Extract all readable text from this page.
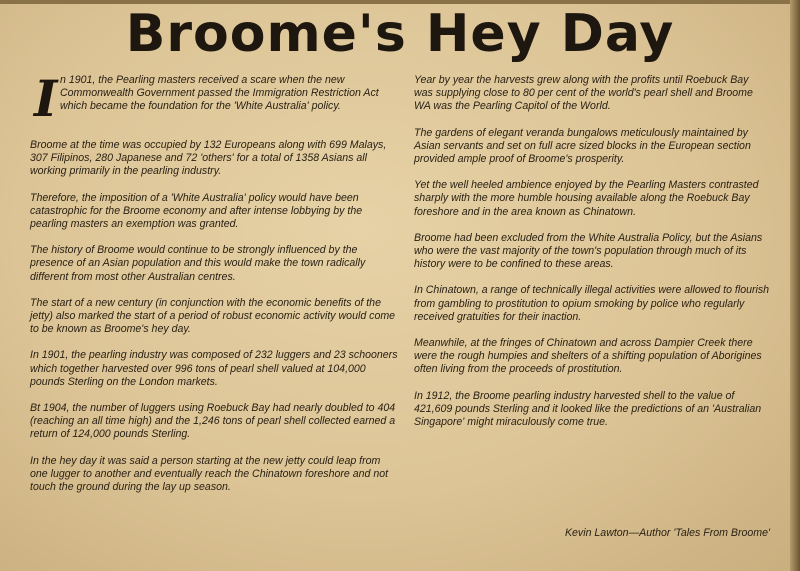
Broome's Hey Day

I n 1901, the Pearling masters received a scare when the new Commonwealth Government passed the Immigration Restriction Act which became the foundation for the 'White Australia' policy.

Broome at the time was occupied by 132 Europeans along with 699 Malays, 307 Filipinos, 280 Japanese and 72 'others' for a total of 1358 Asians all working primarily in the pearling industry.

Therefore, the imposition of a 'White Australia' policy would have been catastrophic for the Broome economy and after intense lobbying by the pearling masters an exemption was granted.

The history of Broome would continue to be strongly influenced by the presence of an Asian population and this would make the town radically different from most other Australian centres.

The start of a new century (in conjunction with the economic benefits of the jetty) also marked the start of a period of robust economic activity would come to be known as Broome's hey day.

In 1901, the pearling industry was composed of 232 luggers and 23 schooners which together harvested over 996 tons of pearl shell valued at 104,000 pounds Sterling on the London markets.

Bt 1904, the number of luggers using Roebuck Bay had nearly doubled to 404 (reaching an all time high) and the 1,246 tons of pearl shell collected earned a return of 124,000 pounds Sterling.

In the hey day it was said a person starting at the new jetty could leap from one lugger to another and eventually reach the Chinatown foreshore and not touch the ground during the lay up season.

Year by year the harvests grew along with the profits until Roebuck Bay was supplying close to 80 per cent of the world's pearl shell and Broome WA was the Pearling Capitol of the World.

The gardens of elegant veranda bungalows meticulously maintained by Asian servants and set on full acre sized blocks in the European section provided ample proof of Broome's prosperity.

Yet the well heeled ambience enjoyed by the Pearling Masters contrasted sharply with the more humble housing available along the Roebuck Bay foreshore and in the area known as Chinatown.

Broome had been excluded from the White Australia Policy, but the Asians who were the vast majority of the town's population through much of its history were to be confined to these areas.

In Chinatown, a range of technically illegal activities were allowed to flourish from gambling to prostitution to opium smoking by police who regularly received gratuities for their inaction.

Meanwhile, at the fringes of Chinatown and across Dampier Creek there were the rough humpies and shelters of a shifting population of Aborigines often living from the proceeds of prostitution.

In 1912, the Broome pearling industry harvested shell to the value of 421,609 pounds Sterling and it looked like the predictions of an 'Australian Singapore' might miraculously come true.

Kevin Lawton—Author 'Tales From Broome'
